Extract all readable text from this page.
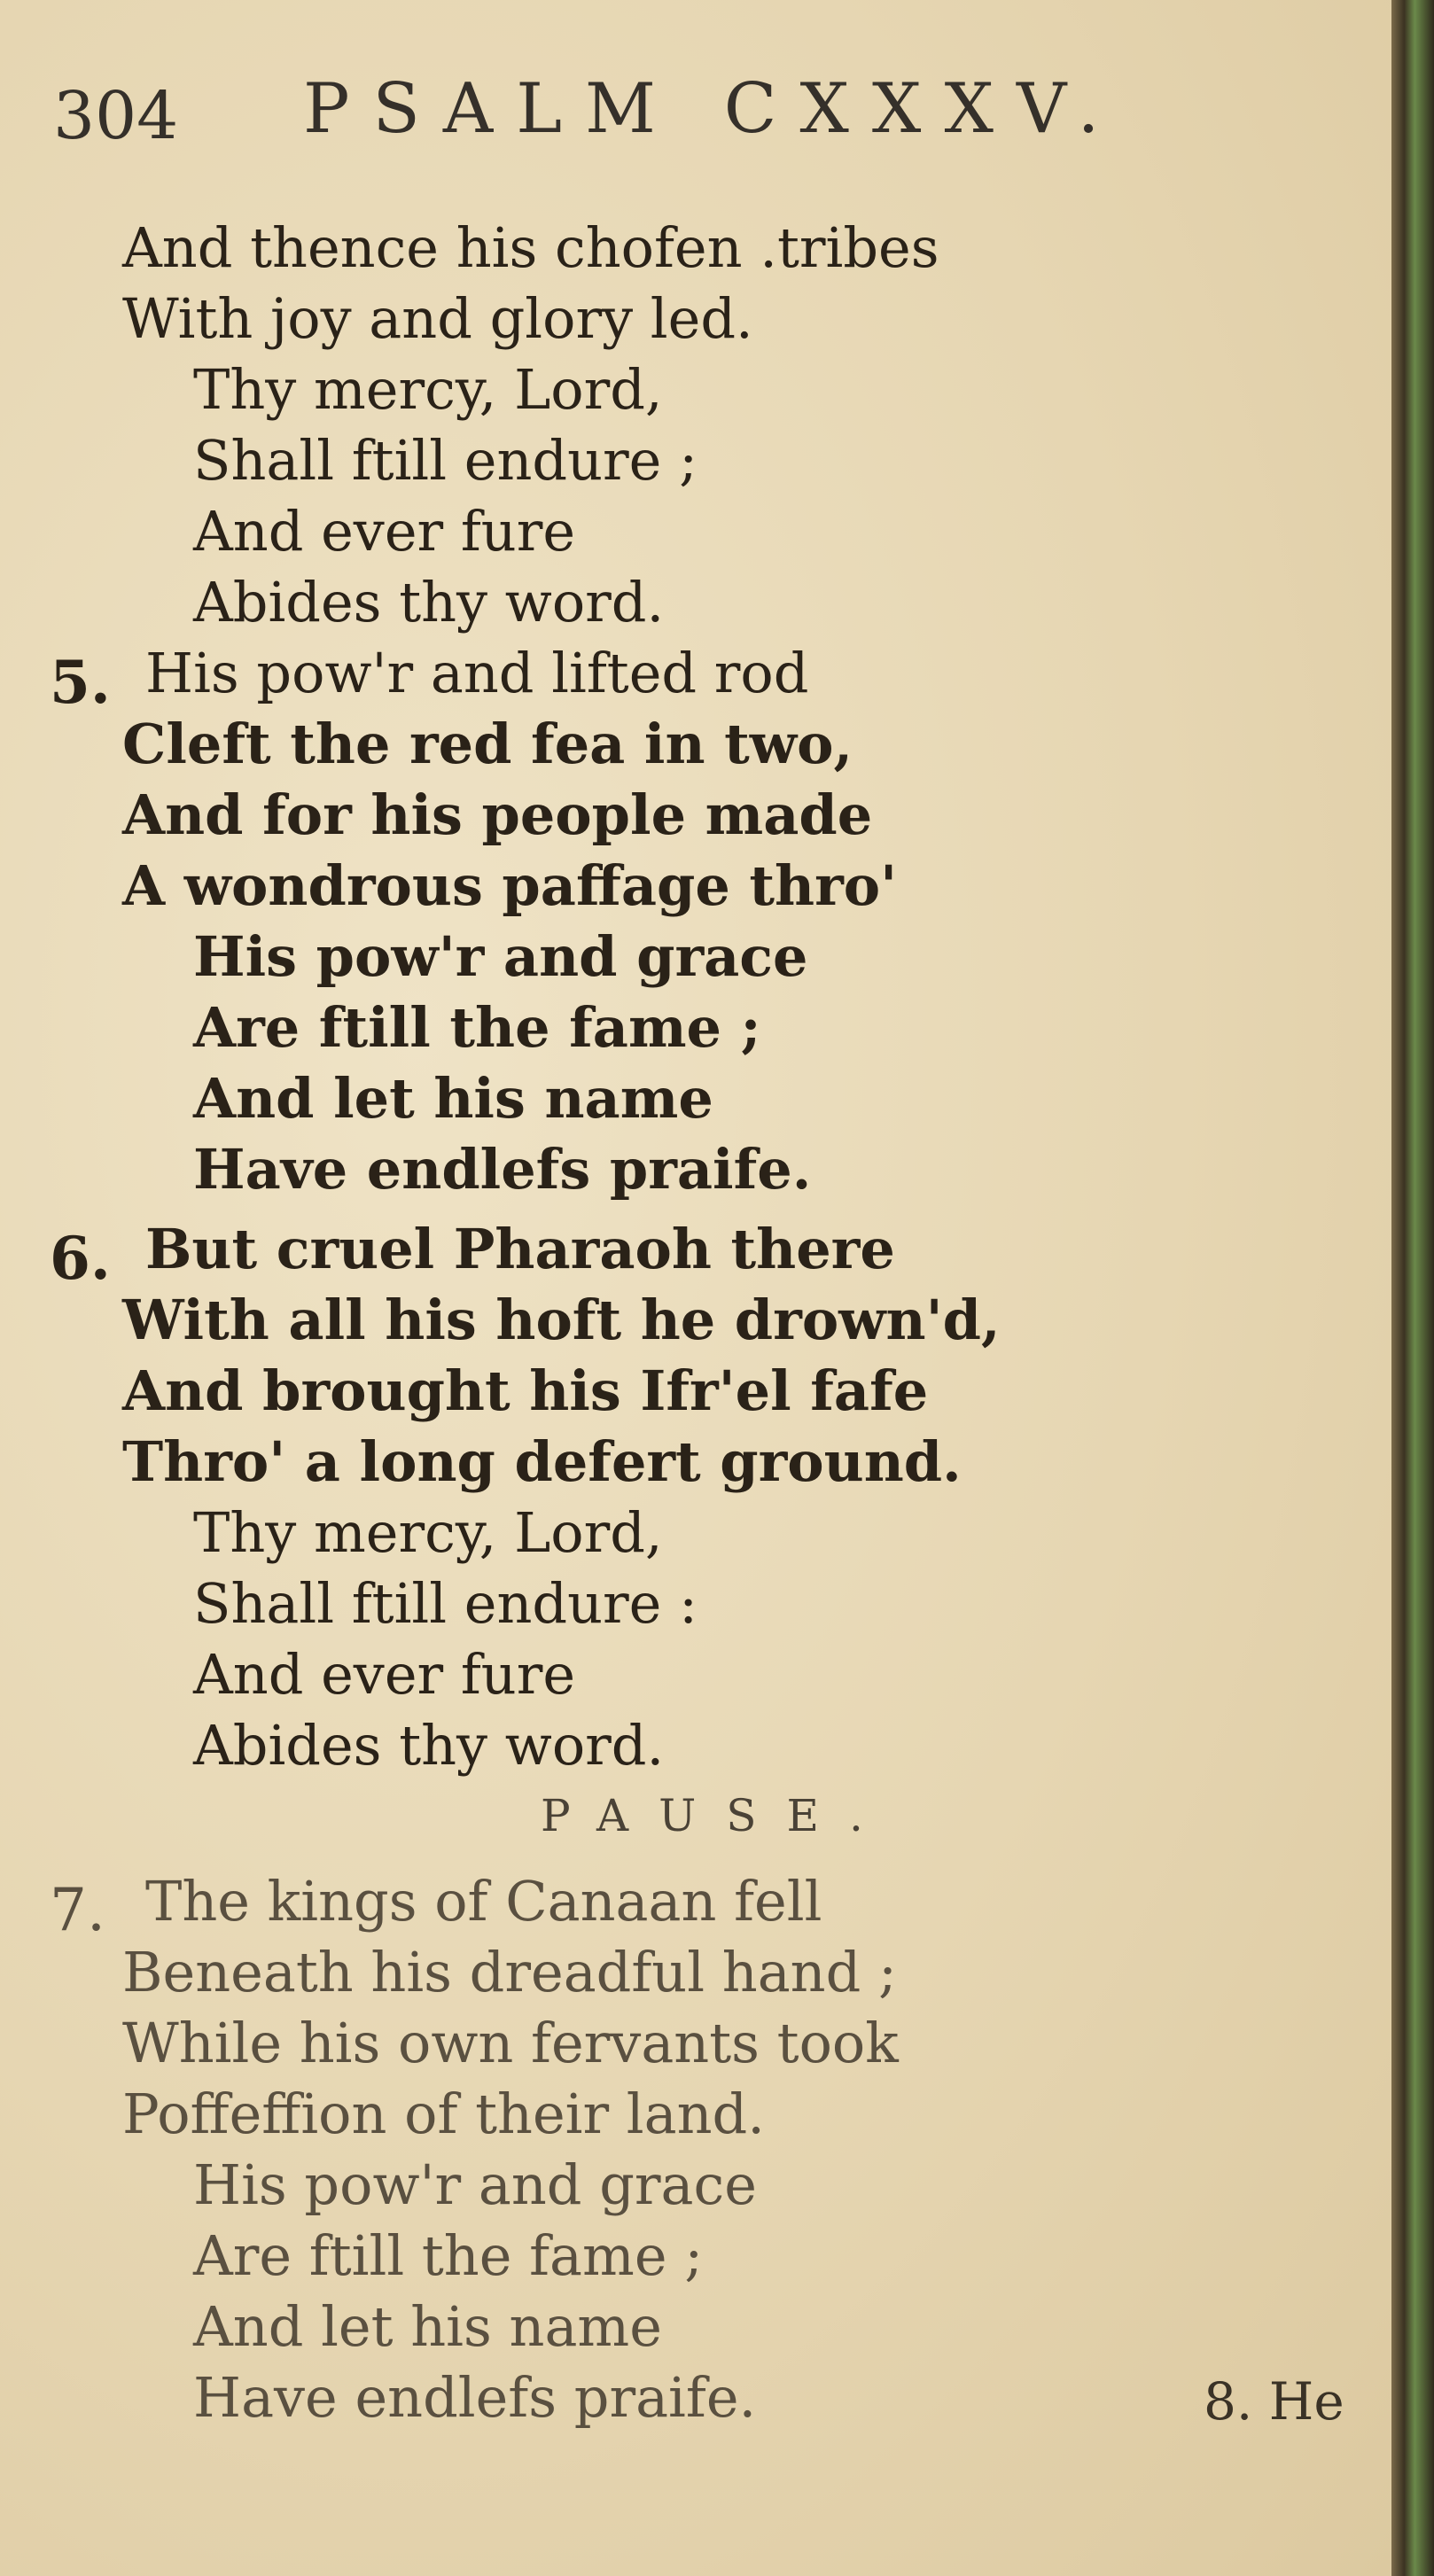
304 PSALM CXXXV.
And thence his chofen .tribes
With joy and glory led.
Thy mercy, Lord,
Shall ftill endure ;
And ever fure
Abides thy word.
5. His pow'r and lifted rod
Cleft the red fea in two,
And for his people made
A wondrous paffage thro'
His pow'r and grace
Are ftill the fame ;
And let his name
Have endlefs praife.
6. But cruel Pharaoh there
With all his hoft he drown'd,
And brought his Ifr'el fafe
Thro' a long defert ground.
Thy mercy, Lord,
Shall ftill endure :
And ever fure
Abides thy word.
PAUSE.
7. The kings of Canaan fell
Beneath his dreadful hand ;
While his own fervants took
Poffeffion of their land.
His pow'r and grace
Are ftill the fame ;
And let his name
Have endlefs praife.	8. He
